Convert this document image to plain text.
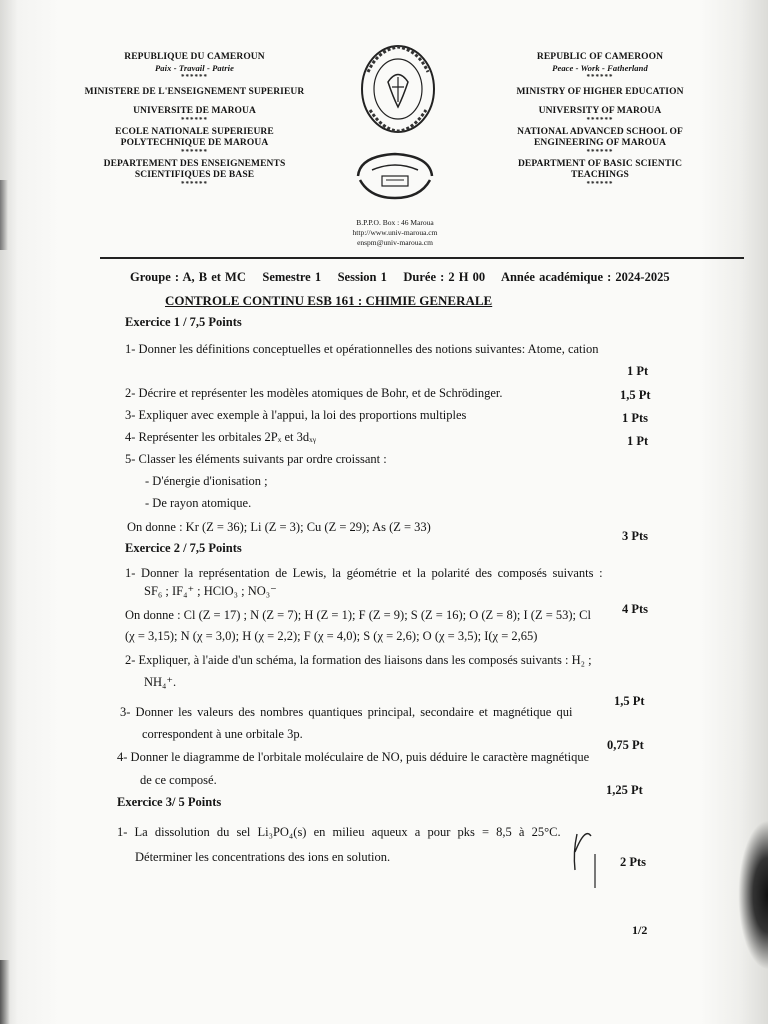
REPUBLIQUE DU CAMEROUN
Paix - Travail - Patrie
******
MINISTERE DE L'ENSEIGNEMENT SUPERIEUR
UNIVERSITE DE MAROUA
******
ECOLE NATIONALE SUPERIEURE
POLYTECHNIQUE DE MAROUA
******
DEPARTEMENT DES ENSEIGNEMENTS
SCIENTIFIQUES DE BASE
******
REPUBLIC OF CAMEROON
Peace - Work - Fatherland
******
MINISTRY OF HIGHER EDUCATION
UNIVERSITY OF MAROUA
******
NATIONAL ADVANCED SCHOOL OF
ENGINEERING OF MAROUA
******
DEPARTMENT OF BASIC SCIENTIC
TEACHINGS
******
B.P.P.O. Box : 46 Maroua
http://www.univ-maroua.cm
enspm@univ-maroua.cm
Groupe : A, B et MC    Semestre 1    Session 1    Durée : 2 H 00    Année académique : 2024-2025
CONTROLE CONTINU ESB 161 : CHIMIE GENERALE
Exercice 1 / 7,5 Points
1- Donner les définitions conceptuelles et opérationnelles des notions suivantes: Atome, cation
1 Pt
2- Décrire et représenter les modèles atomiques de Bohr, et de Schrödinger.	1,5 Pt
3- Expliquer avec exemple à l'appui, la loi des proportions multiples	1 Pts
4- Représenter les orbitales 2Pₓ et 3dₓᵧ	1 Pt
5- Classer les éléments suivants par ordre croissant :
- D'énergie d'ionisation ;
- De rayon atomique.
On donne : Kr (Z = 36); Li (Z = 3); Cu (Z = 29); As (Z = 33)
3 Pts
Exercice 2 / 7,5 Points
1- Donner la représentation de Lewis, la géométrie et la polarité des composés suivants :
SF₆ ; IF₄⁺ ; HClO₃ ; NO₃⁻
4 Pts
On donne : Cl (Z = 17) ; N (Z = 7); H (Z = 1); F (Z = 9); S (Z = 16); O (Z = 8); I (Z = 53); Cl
(χ = 3,15); N (χ = 3,0); H (χ = 2,2); F (χ = 4,0); S (χ = 2,6); O (χ = 3,5); I(χ = 2,65)
2- Expliquer, à l'aide d'un schéma, la formation des liaisons dans les composés suivants : H₂ ;
NH₄⁺.
1,5 Pt
3- Donner les valeurs des nombres quantiques principal, secondaire et magnétique qui
correspondent à une orbitale 3p.
0,75 Pt
4- Donner le diagramme de l'orbitale moléculaire de NO, puis déduire le caractère magnétique
de ce composé.
1,25 Pt
Exercice 3/ 5 Points
1- La dissolution du sel Li₃PO₄(s) en milieu aqueux a pour pks = 8,5 à 25°C.
Déterminer les concentrations des ions en solution.	2 Pts
1/2
